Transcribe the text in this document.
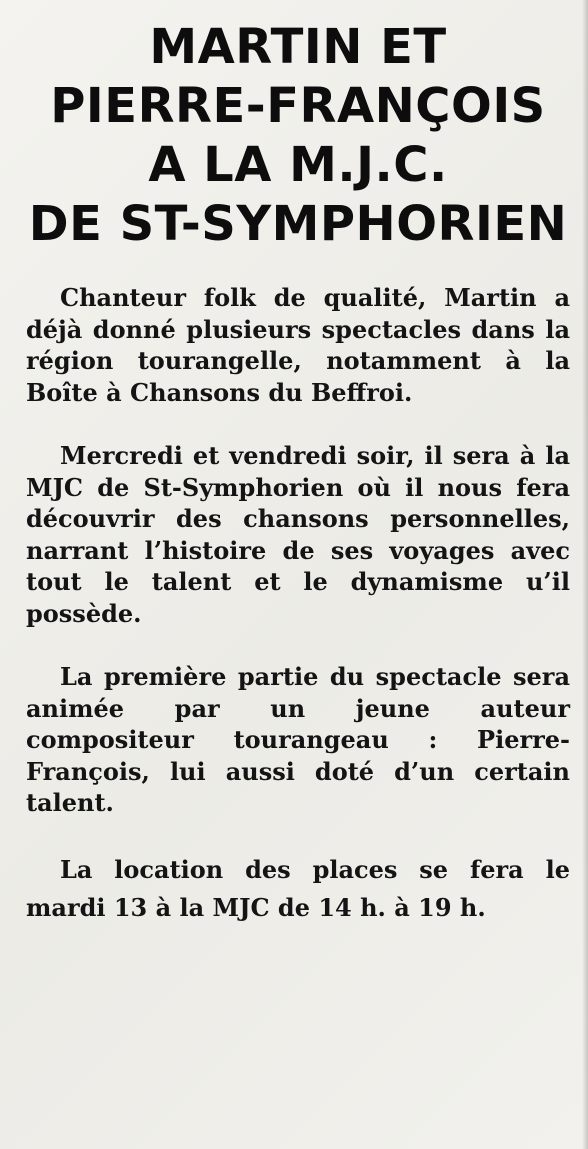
MARTIN ET
PIERRE-FRANÇOIS
A LA M.J.C.
DE ST-SYMPHORIEN

Chanteur folk de qualité, Martin a déjà donné plusieurs spectacles dans la région tourangelle, notamment à la Boîte à Chansons du Beffroi.

Mercredi et vendredi soir, il sera à la MJC de St-Symphorien où il nous fera découvrir des chansons personnelles, narrant l’histoire de ses voyages avec tout le talent et le dynamisme u’il possède.

La première partie du spectacle sera animée par un jeune auteur compositeur tourangeau : Pierre-François, lui aussi doté d’un certain talent.

La location des places se fera le mardi 13 à la MJC de 14 h. à 19 h.
